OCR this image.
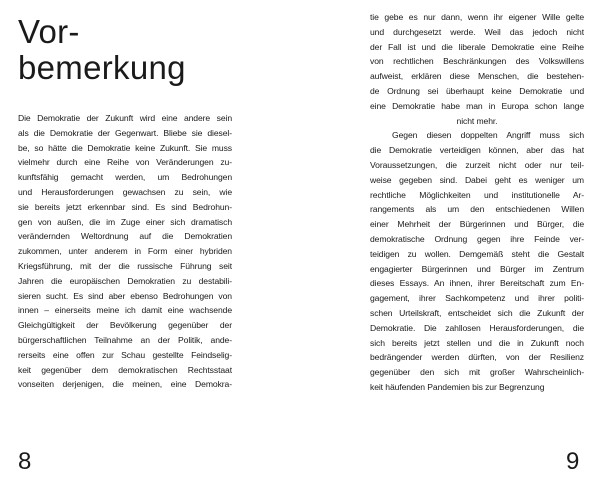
Vor-
bemerkung

Die Demokratie der Zukunft wird eine andere sein
als die Demokratie der Gegenwart. Bliebe sie diesel-
be, so hätte die Demokratie keine Zukunft. Sie muss
vielmehr durch eine Reihe von Veränderungen zu-
kunftsfähig gemacht werden, um Bedrohungen
und Herausforderungen gewachsen zu sein, wie
sie bereits jetzt erkennbar sind. Es sind Bedrohun-
gen von außen, die im Zuge einer sich dramatisch
verändernden Weltordnung auf die Demokratien
zukommen, unter anderem in Form einer hybriden
Kriegsführung, mit der die russische Führung seit
Jahren die europäischen Demokratien zu destabili-
sieren sucht. Es sind aber ebenso Bedrohungen von
innen – einerseits meine ich damit eine wachsende
Gleichgültigkeit der Bevölkerung gegenüber der
bürgerschaftlichen Teilnahme an der Politik, ande-
rerseits eine offen zur Schau gestellte Feindselig-
keit gegenüber dem demokratischen Rechtsstaat
vonseiten derjenigen, die meinen, eine Demokra-

8

tie gebe es nur dann, wenn ihr eigener Wille gelte
und durchgesetzt werde. Weil das jedoch nicht
der Fall ist und die liberale Demokratie eine Reihe
von rechtlichen Beschränkungen des Volkswillens
aufweist, erklären diese Menschen, die bestehen-
de Ordnung sei überhaupt keine Demokratie und
eine Demokratie habe man in Europa schon lange
nicht mehr.
Gegen diesen doppelten Angriff muss sich
die Demokratie verteidigen können, aber das hat
Voraussetzungen, die zurzeit nicht oder nur teil-
weise gegeben sind. Dabei geht es weniger um
rechtliche Möglichkeiten und institutionelle Ar-
rangements als um den entschiedenen Willen
einer Mehrheit der Bürgerinnen und Bürger, die
demokratische Ordnung gegen ihre Feinde ver-
teidigen zu wollen. Demgemäß steht die Gestalt
engagierter Bürgerinnen und Bürger im Zentrum
dieses Essays. An ihnen, ihrer Bereitschaft zum En-
gagement, ihrer Sachkompetenz und ihrer politi-
schen Urteilskraft, entscheidet sich die Zukunft der
Demokratie. Die zahllosen Herausforderungen, die
sich bereits jetzt stellen und die in Zukunft noch
bedrängender werden dürften, von der Resilienz
gegenüber den sich mit großer Wahrscheinlich-
keit häufenden Pandemien bis zur Begrenzung

9
